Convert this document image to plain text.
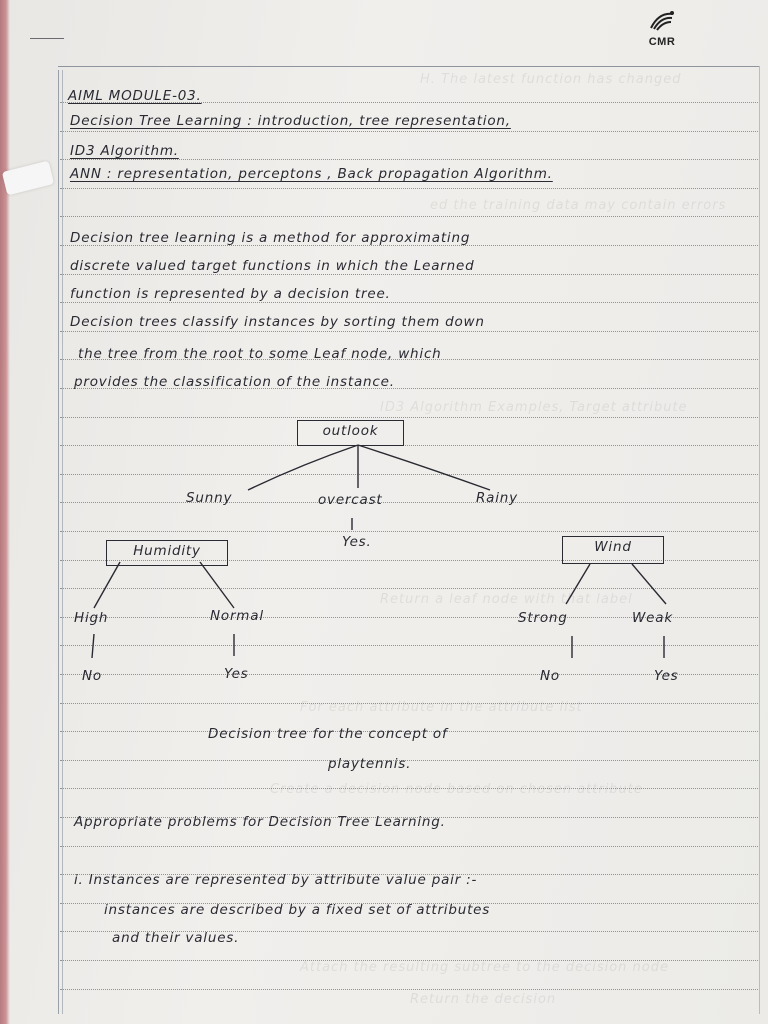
CMR
H. The latest function has changed
ed the training data may contain errors
ID3 Algorithm Examples, Target attribute
Return a leaf node with that label
For each attribute in the attribute list
Create a decision node based on chosen attribute
Attach the resulting subtree to the decision node
Return the decision
AIML MODULE-03.
Decision Tree Learning : introduction, tree representation,
ID3 Algorithm.
ANN : representation, perceptons , Back propagation Algorithm.
Decision tree learning is a method for approximating
discrete valued target functions in which the Learned
function is represented by a decision tree.
Decision trees classify instances by sorting them down
the tree from the root to some Leaf node, which
provides the classification of the instance.
outlook
Sunny	overcast	Rainy
Yes.
Humidity	Wind
High	Normal	Strong	Weak
No	Yes	No	Yes
Decision tree for the concept of
playtennis.
Appropriate problems for Decision Tree Learning.
i. Instances are represented by attribute value pair :-
instances are described by a fixed set of attributes
and their values.
